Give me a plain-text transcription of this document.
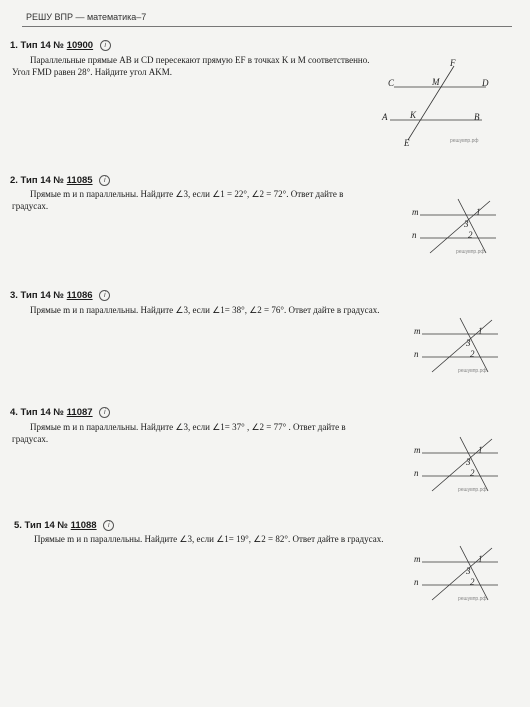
РЕШУ ВПР — математика–7
1. Тип 14 № 10900 i
Параллельные прямые AB и CD пересекают прямую EF в точках K и M соответственно. Угол FMD равен 28°. Найдите угол AKM.
C	D
A	B
E
F
K
M
решувпр.рф
2. Тип 14 № 11085 i
Прямые m и n параллельны. Найдите ∠3, если ∠1 = 22°, ∠2 = 72°. Ответ дайте в градусах.
m
n
1
2
3
решувпр.рф
3. Тип 14 № 11086 i
Прямые m и n параллельны. Найдите ∠3, если ∠1= 38°, ∠2 = 76°. Ответ дайте в градусах.
m
n
1
2
3
решувпр.рф
4. Тип 14 № 11087 i
Прямые m и n параллельны. Найдите ∠3, если ∠1= 37° , ∠2 = 77° . Ответ дайте в градусах.
m
n
1
2
3
решувпр.рф
5. Тип 14 № 11088 i
Прямые m и n параллельны. Найдите ∠3, если ∠1= 19°, ∠2 = 82°. Ответ дайте в градусах.
m
n
1
2
3
решувпр.рф
